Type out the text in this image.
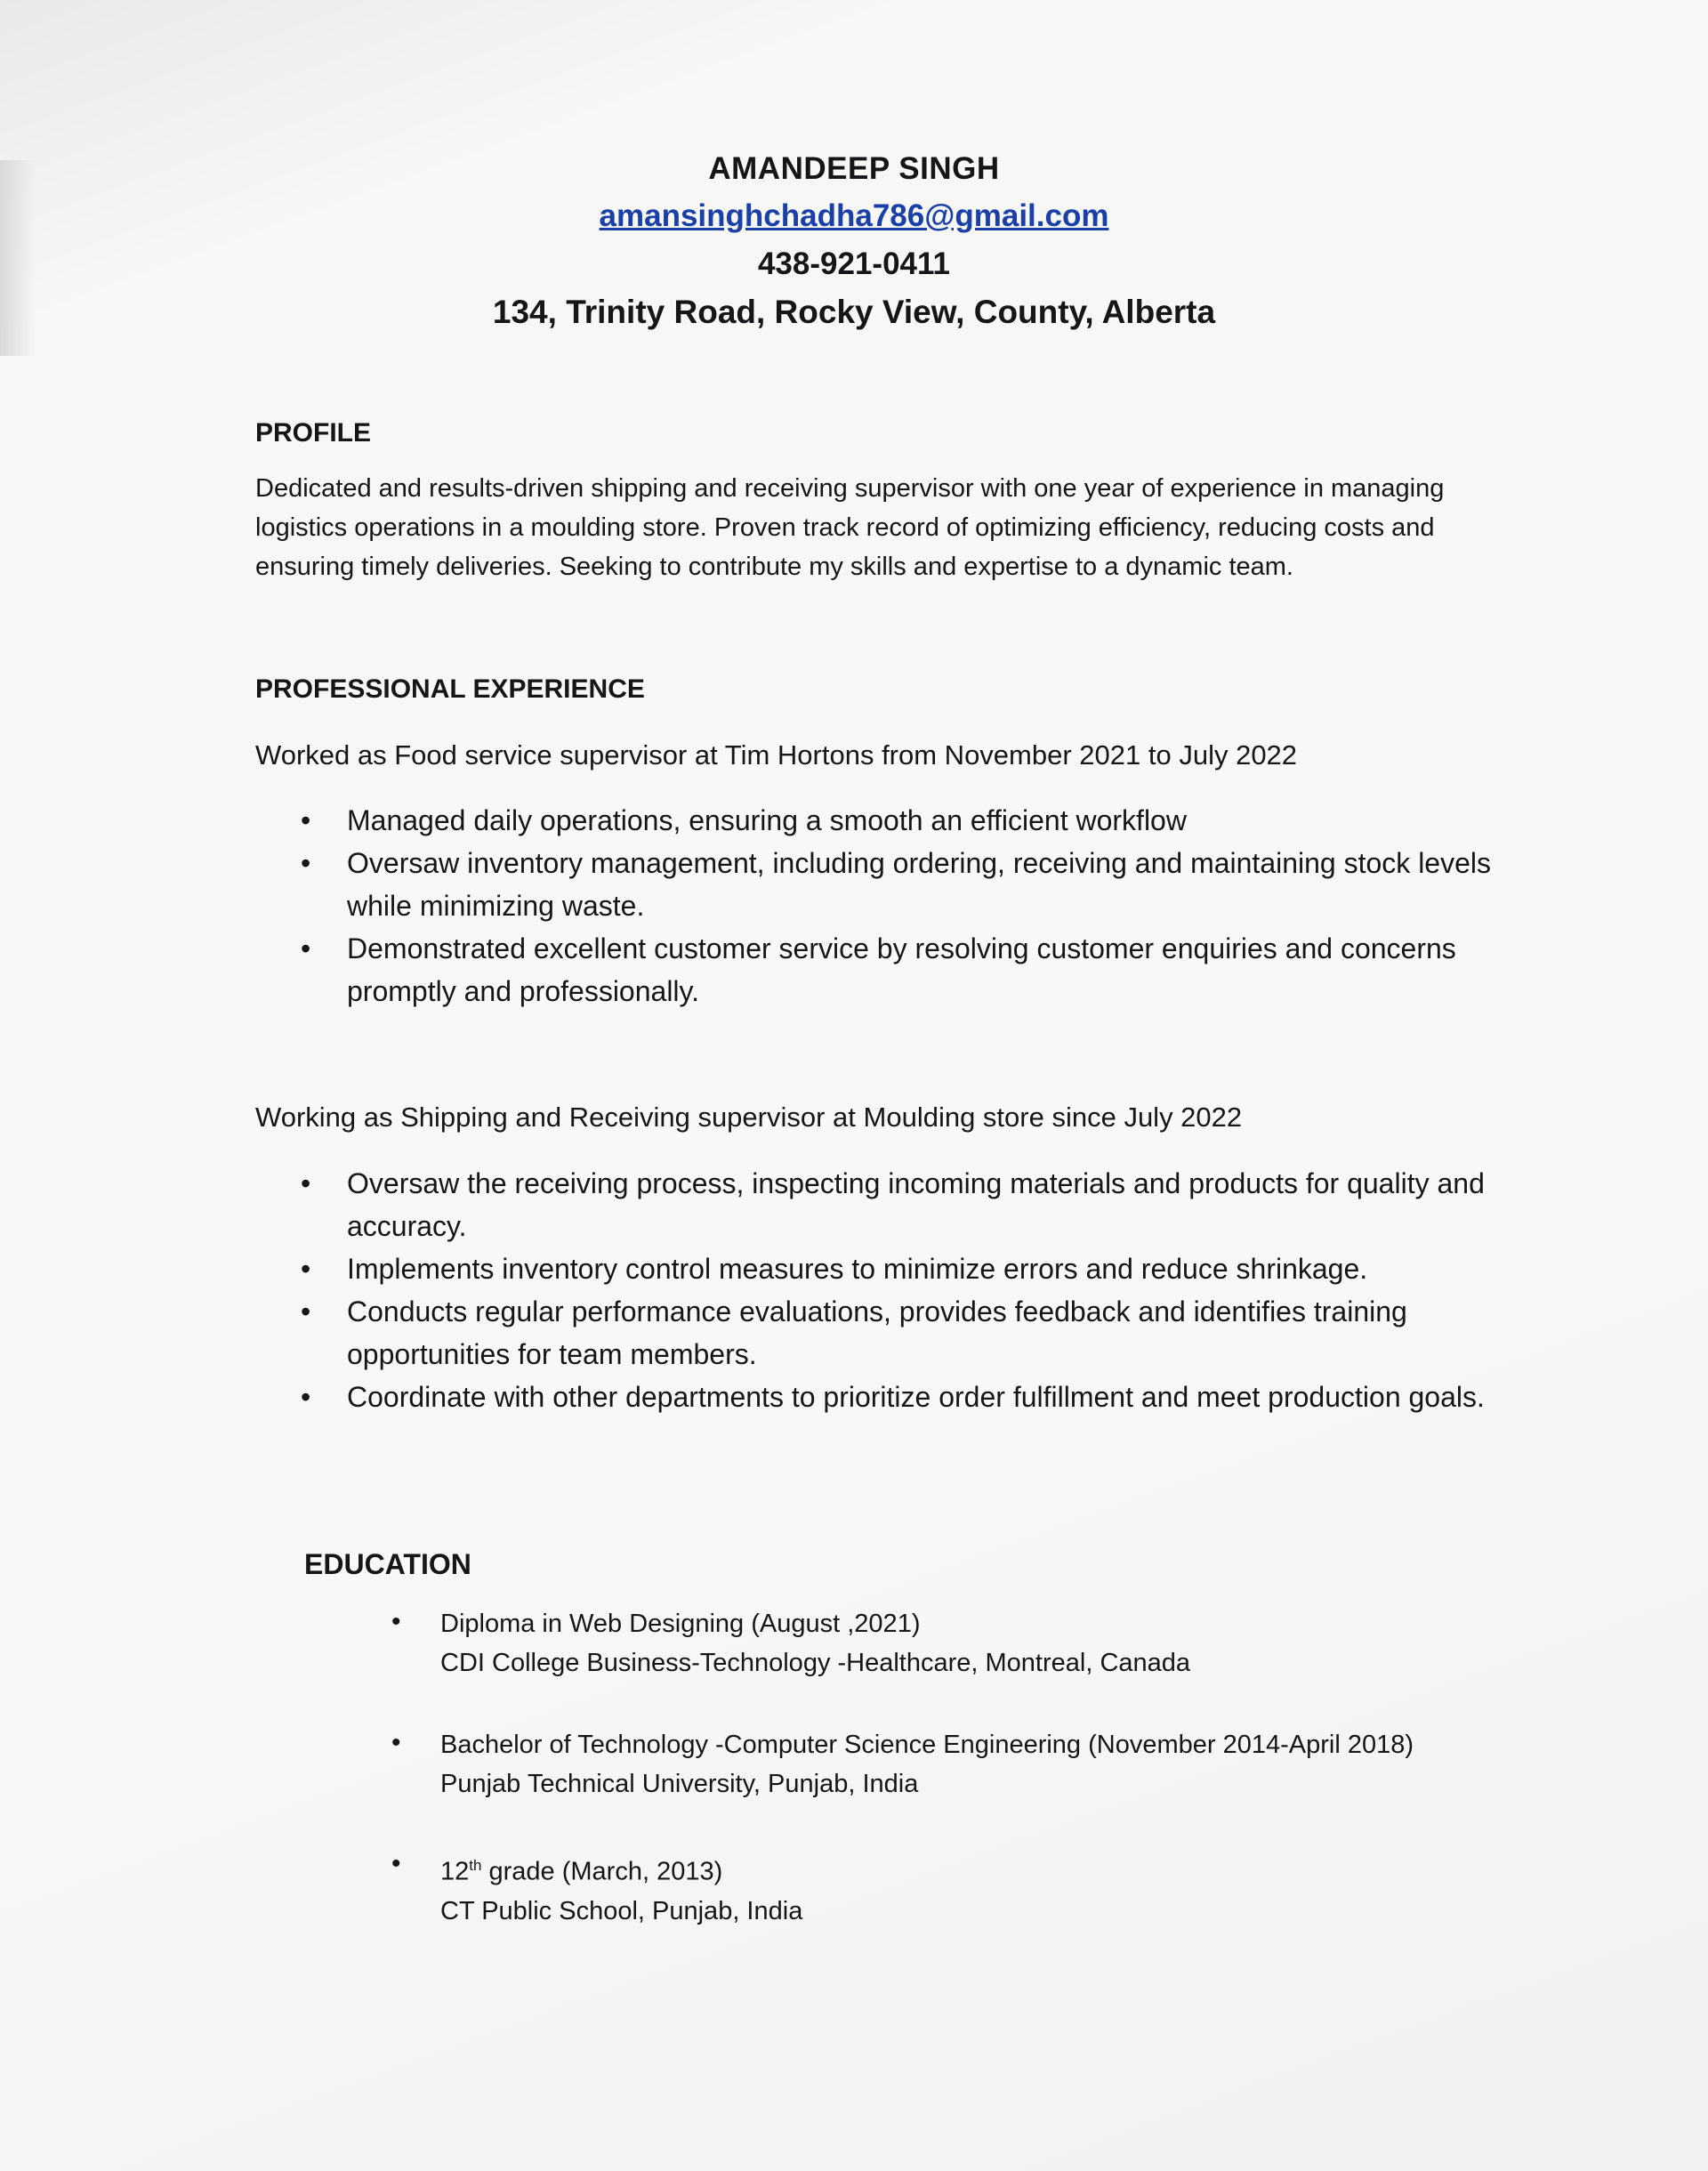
AMANDEEP SINGH
amansinghchadha786@gmail.com
438-921-0411
134, Trinity Road, Rocky View, County, Alberta
PROFILE
Dedicated and results-driven shipping and receiving supervisor with one year of experience in managing logistics operations in a moulding store. Proven track record of optimizing efficiency, reducing costs and ensuring timely deliveries. Seeking to contribute my skills and expertise to a dynamic team.
PROFESSIONAL EXPERIENCE
Worked as Food service supervisor at Tim Hortons from November 2021 to July 2022
• Managed daily operations, ensuring a smooth an efficient workflow
• Oversaw inventory management, including ordering, receiving and maintaining stock levels while minimizing waste.
• Demonstrated excellent customer service by resolving customer enquiries and concerns promptly and professionally.
Working as Shipping and Receiving supervisor at Moulding store since July 2022
• Oversaw the receiving process, inspecting incoming materials and products for quality and accuracy.
• Implements inventory control measures to minimize errors and reduce shrinkage.
• Conducts regular performance evaluations, provides feedback and identifies training opportunities for team members.
• Coordinate with other departments to prioritize order fulfillment and meet production goals.
EDUCATION
• Diploma in Web Designing (August ,2021)
CDI College Business-Technology -Healthcare, Montreal, Canada
• Bachelor of Technology -Computer Science Engineering (November 2014-April 2018)
Punjab Technical University, Punjab, India
• 12th grade (March, 2013)
CT Public School, Punjab, India
